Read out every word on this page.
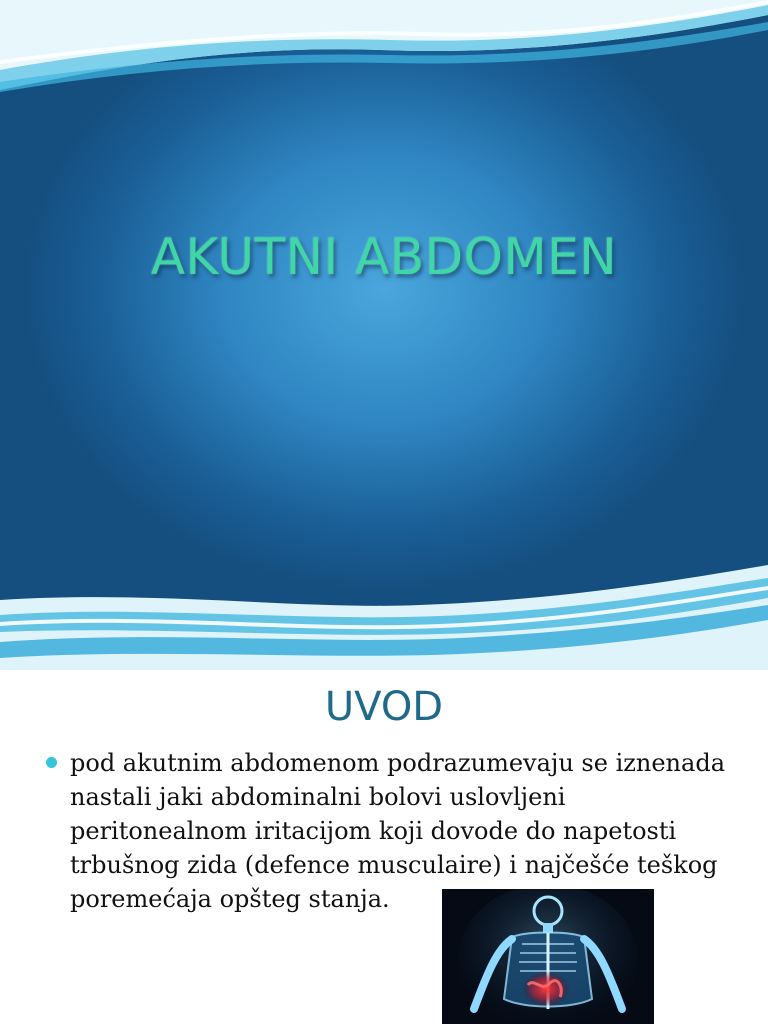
AKUTNI ABDOMEN
UVOD
pod akutnim abdomenom podrazumevaju se iznenada nastali jaki abdominalni bolovi uslovljeni peritonealnom iritacijom koji dovode do napetosti trbušnog zida (defence musculaire) i najčešće teškog poremećaja opšteg stanja.
